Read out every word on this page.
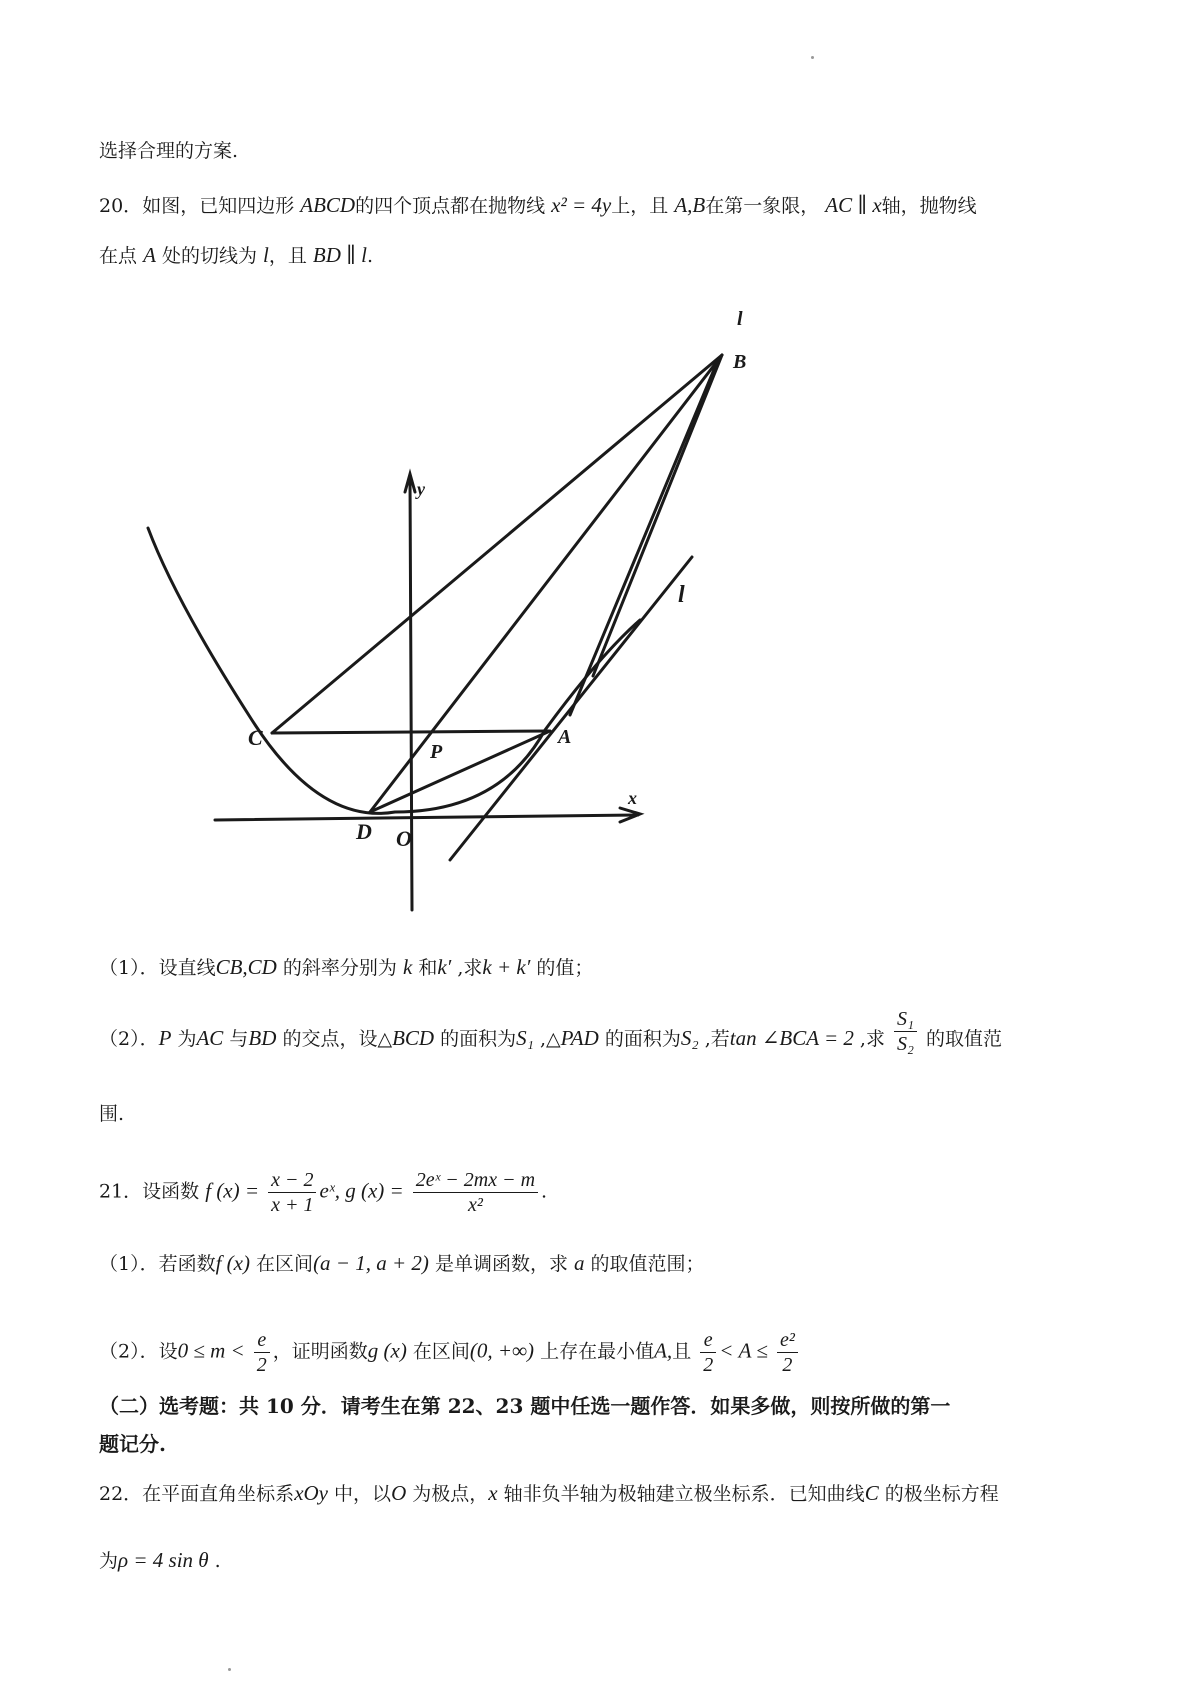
选择合理的方案.
20．如图，已知四边形 ABCD的四个顶点都在抛物线 x² = 4y上，且 A,B在第一象限， AC ∥ x轴，抛物线
在点 A 处的切线为 l，且 BD ∥ l.
l
B
y
l
C
P
A
x
D O
（1）．设直线CB,CD 的斜率分别为 k 和k′ ,求k + k′ 的值；
（2）．P 为AC 与BD 的交点，设△BCD 的面积为S₁ ,△PAD 的面积为S₂ ,若tan ∠BCA = 2 ,求 $\frac{\text{S₁}}{\text{S₂}}$ 的取值范
围.
21．设函数 f $(x) = \frac{x - 2}{x + 1}$ eˣ, g $(x) = \frac{\text{2eˣ − 2mx − m}}{\text{x²}}$ .
（1）．若函数f (x) 在区间(a − 1, a + 2) 是单调函数，求 a 的取值范围；
（2）．设$0 \le m < \frac{e}{2}$ ，证明函数g (x) 在区间(0, +∞) 上存在最小值A,且 $\frac{e}{2} < A \le \frac{\text{e²}}{2}$
（二）选考题：共 10 分．请考生在第 22、23 题中任选一题作答．如果多做，则按所做的第一
题记分.
22．在平面直角坐标系xOy 中，以O 为极点，x 轴非负半轴为极轴建立极坐标系．已知曲线C 的极坐标方程
为ρ = 4 sin θ .
